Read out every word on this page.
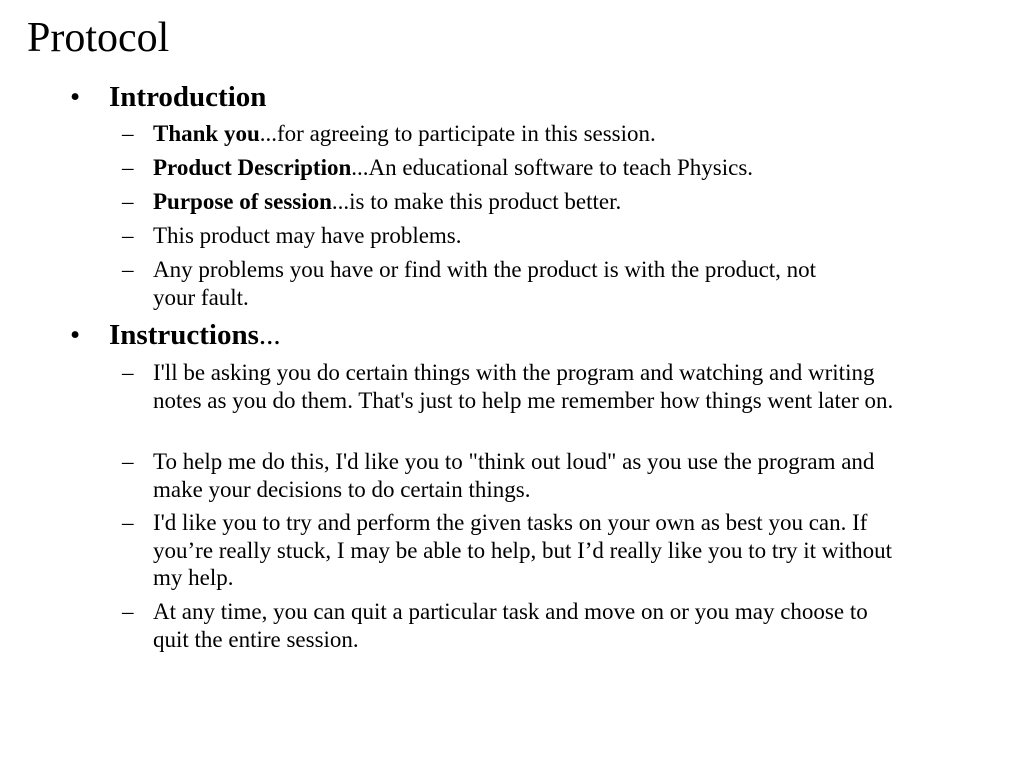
Protocol
• Introduction
– Thank you...for agreeing to participate in this session.
– Product Description...An educational software to teach Physics.
– Purpose of session...is to make this product better.
– This product may have problems.
– Any problems you have or find with the product is with the product, not your fault.
• Instructions...
– I'll be asking you do certain things with the program and watching and writing notes as you do them. That's just to help me remember how things went later on.
– To help me do this, I'd like you to "think out loud" as you use the program and make your decisions to do certain things.
– I'd like you to try and perform the given tasks on your own as best you can. If you’re really stuck, I may be able to help, but I’d really like you to try it without my help.
– At any time, you can quit a particular task and move on or you may choose to quit the entire session.
